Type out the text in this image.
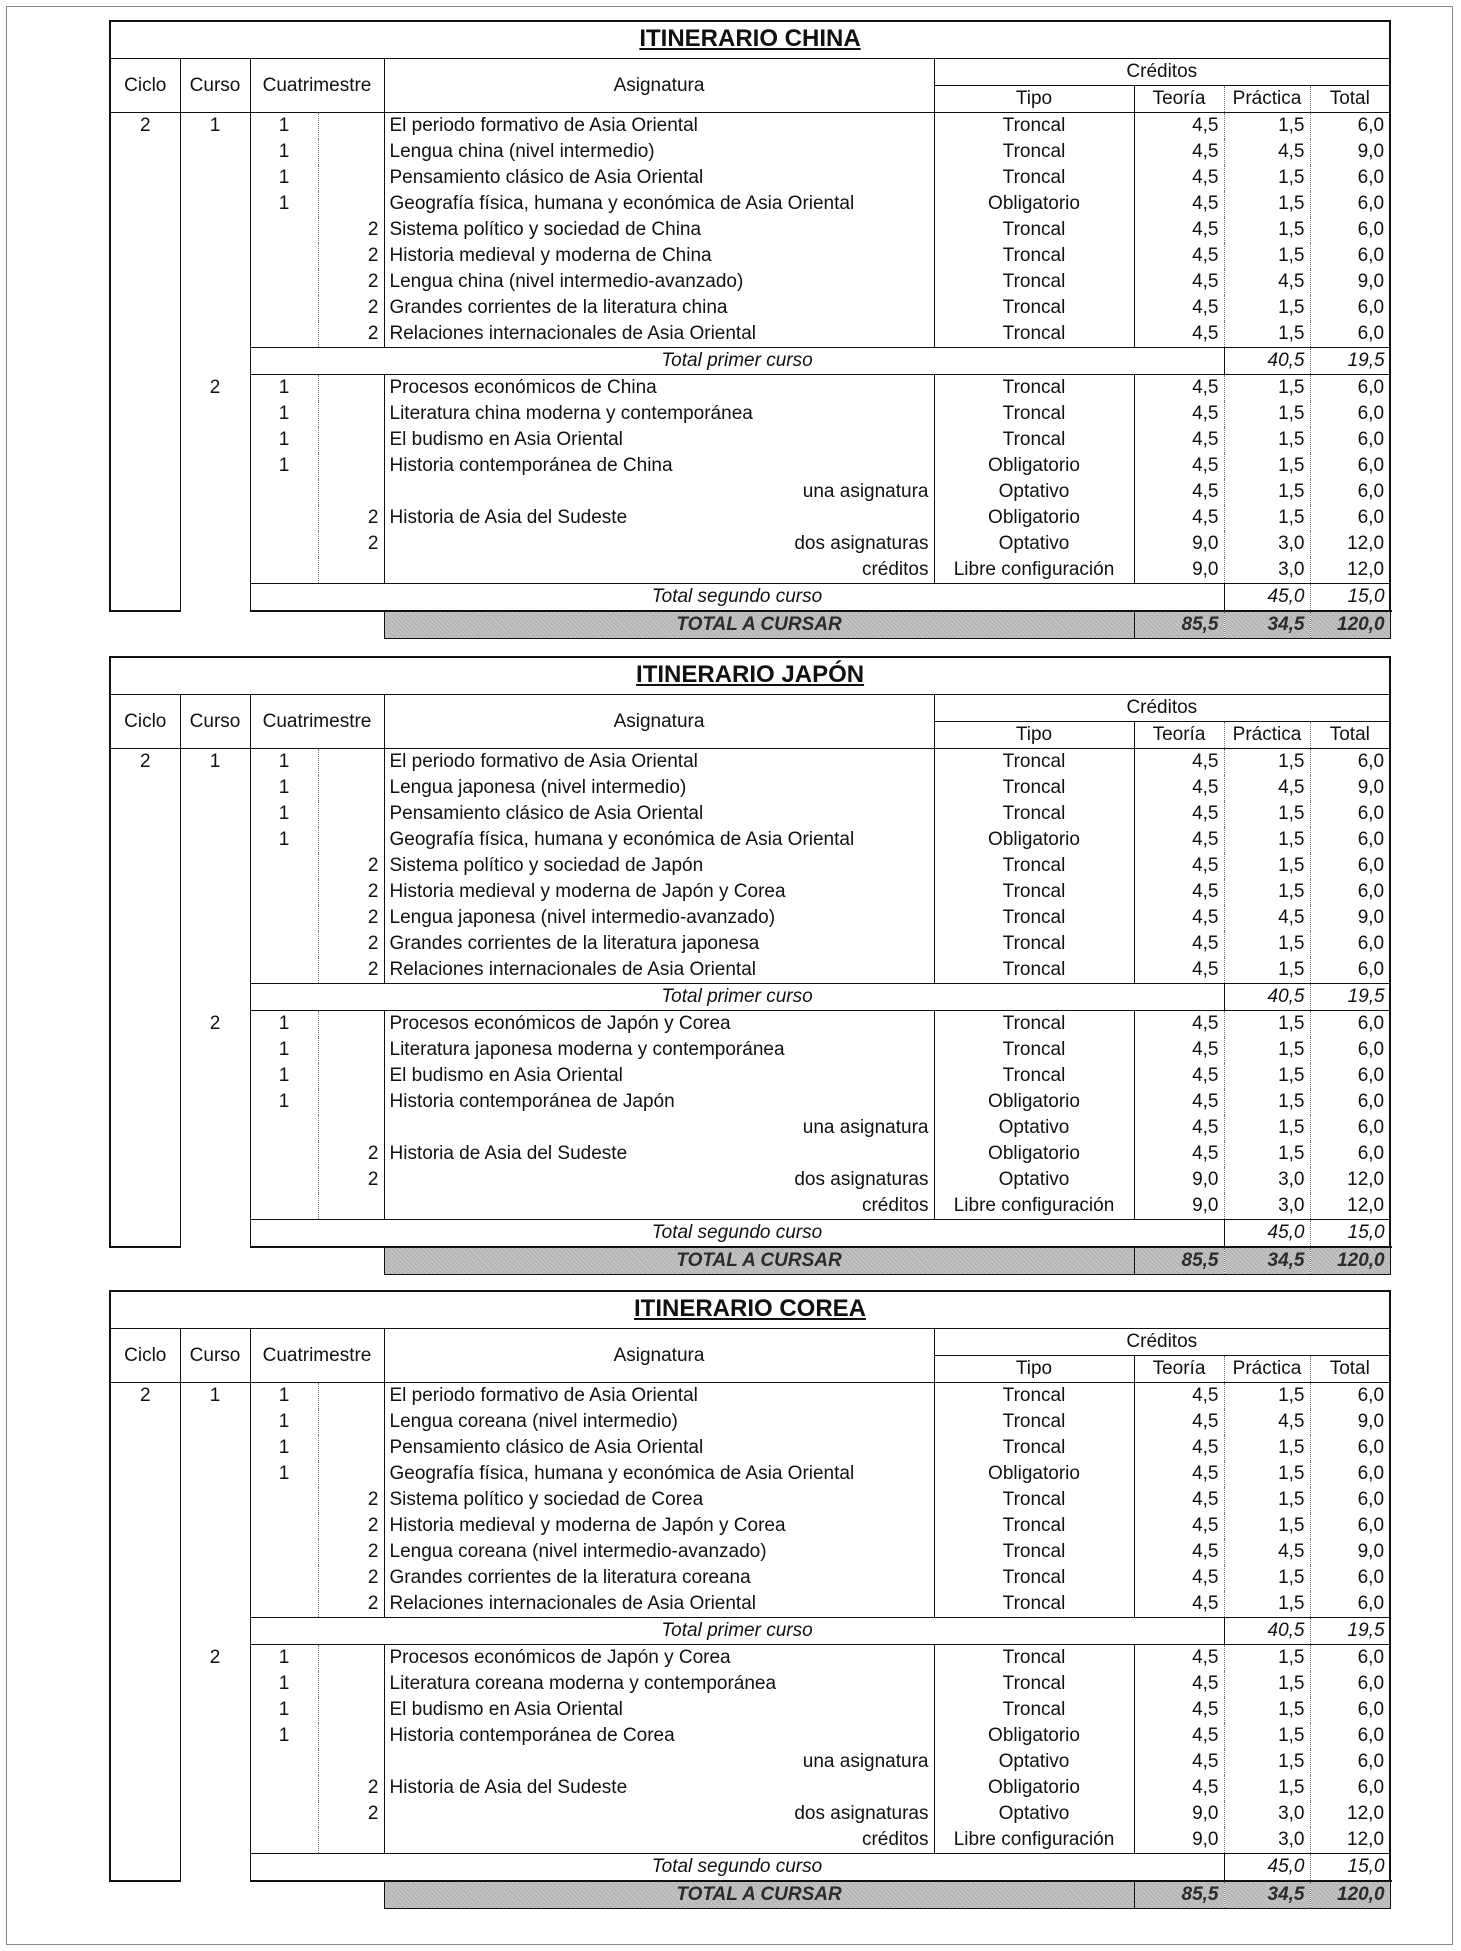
ITINERARIO CHINA									
Ciclo	Curso	Cuatrimestre		Asignatura	Créditos				
					Tipo	Teoría	Práctica	Total	
2	1	1		El periodo formativo de Asia Oriental	Troncal	4,5	1,5	6,0	
		1		Lengua china (nivel intermedio)	Troncal	4,5	4,5	9,0	
		1		Pensamiento clásico de Asia Oriental	Troncal	4,5	1,5	6,0	
		1		Geografía física, humana y económica de Asia Oriental	Obligatorio	4,5	1,5	6,0	
			2	Sistema político y sociedad de China	Troncal	4,5	1,5	6,0	
			2	Historia medieval y moderna de China	Troncal	4,5	1,5	6,0	
			2	Lengua china (nivel intermedio-avanzado)	Troncal	4,5	4,5	9,0	
			2	Grandes corrientes de la literatura china	Troncal	4,5	1,5	6,0	
			2	Relaciones internacionales de Asia Oriental	Troncal	4,5	1,5	6,0	
		Total primer curso					40,5	19,5	
	2	1		Procesos económicos de China	Troncal	4,5	1,5	6,0	
		1		Literatura china moderna y contemporánea	Troncal	4,5	1,5	6,0	
		1		El budismo en Asia Oriental	Troncal	4,5	1,5	6,0	
		1		Historia contemporánea de China	Obligatorio	4,5	1,5	6,0	
				una asignatura	Optativo	4,5	1,5	6,0	
			2	Historia de Asia del Sudeste	Obligatorio	4,5	1,5	6,0	
			2	dos asignaturas	Optativo	9,0	3,0	12,0	
				créditos	Libre configuración	9,0	3,0	12,0	
		Total segundo curso					45,0	15,0	
				TOTAL A CURSAR		85,5	34,5	120,0	
ITINERARIO JAPÓN									
Ciclo	Curso	Cuatrimestre		Asignatura	Créditos				
					Tipo	Teoría	Práctica	Total	
2	1	1		El periodo formativo de Asia Oriental	Troncal	4,5	1,5	6,0	
		1		Lengua japonesa (nivel intermedio)	Troncal	4,5	4,5	9,0	
		1		Pensamiento clásico de Asia Oriental	Troncal	4,5	1,5	6,0	
		1		Geografía física, humana y económica de Asia Oriental	Obligatorio	4,5	1,5	6,0	
			2	Sistema político y sociedad de Japón	Troncal	4,5	1,5	6,0	
			2	Historia medieval y moderna de Japón y Corea	Troncal	4,5	1,5	6,0	
			2	Lengua japonesa (nivel intermedio-avanzado)	Troncal	4,5	4,5	9,0	
			2	Grandes corrientes de la literatura japonesa	Troncal	4,5	1,5	6,0	
			2	Relaciones internacionales de Asia Oriental	Troncal	4,5	1,5	6,0	
		Total primer curso					40,5	19,5	
	2	1		Procesos económicos de Japón y Corea	Troncal	4,5	1,5	6,0	
		1		Literatura japonesa moderna y contemporánea	Troncal	4,5	1,5	6,0	
		1		El budismo en Asia Oriental	Troncal	4,5	1,5	6,0	
		1		Historia contemporánea de Japón	Obligatorio	4,5	1,5	6,0	
				una asignatura	Optativo	4,5	1,5	6,0	
			2	Historia de Asia del Sudeste	Obligatorio	4,5	1,5	6,0	
			2	dos asignaturas	Optativo	9,0	3,0	12,0	
				créditos	Libre configuración	9,0	3,0	12,0	
		Total segundo curso					45,0	15,0	
				TOTAL A CURSAR		85,5	34,5	120,0	
ITINERARIO COREA									
Ciclo	Curso	Cuatrimestre		Asignatura	Créditos				
					Tipo	Teoría	Práctica	Total	
2	1	1		El periodo formativo de Asia Oriental	Troncal	4,5	1,5	6,0	
		1		Lengua coreana (nivel intermedio)	Troncal	4,5	4,5	9,0	
		1		Pensamiento clásico de Asia Oriental	Troncal	4,5	1,5	6,0	
		1		Geografía física, humana y económica de Asia Oriental	Obligatorio	4,5	1,5	6,0	
			2	Sistema político y sociedad de Corea	Troncal	4,5	1,5	6,0	
			2	Historia medieval y moderna de Japón y Corea	Troncal	4,5	1,5	6,0	
			2	Lengua coreana (nivel intermedio-avanzado)	Troncal	4,5	4,5	9,0	
			2	Grandes corrientes de la literatura coreana	Troncal	4,5	1,5	6,0	
			2	Relaciones internacionales de Asia Oriental	Troncal	4,5	1,5	6,0	
		Total primer curso					40,5	19,5	
	2	1		Procesos económicos de Japón y Corea	Troncal	4,5	1,5	6,0	
		1		Literatura coreana moderna y contemporánea	Troncal	4,5	1,5	6,0	
		1		El budismo en Asia Oriental	Troncal	4,5	1,5	6,0	
		1		Historia contemporánea de Corea	Obligatorio	4,5	1,5	6,0	
				una asignatura	Optativo	4,5	1,5	6,0	
			2	Historia de Asia del Sudeste	Obligatorio	4,5	1,5	6,0	
			2	dos asignaturas	Optativo	9,0	3,0	12,0	
				créditos	Libre configuración	9,0	3,0	12,0	
		Total segundo curso					45,0	15,0	
				TOTAL A CURSAR		85,5	34,5	120,0	
